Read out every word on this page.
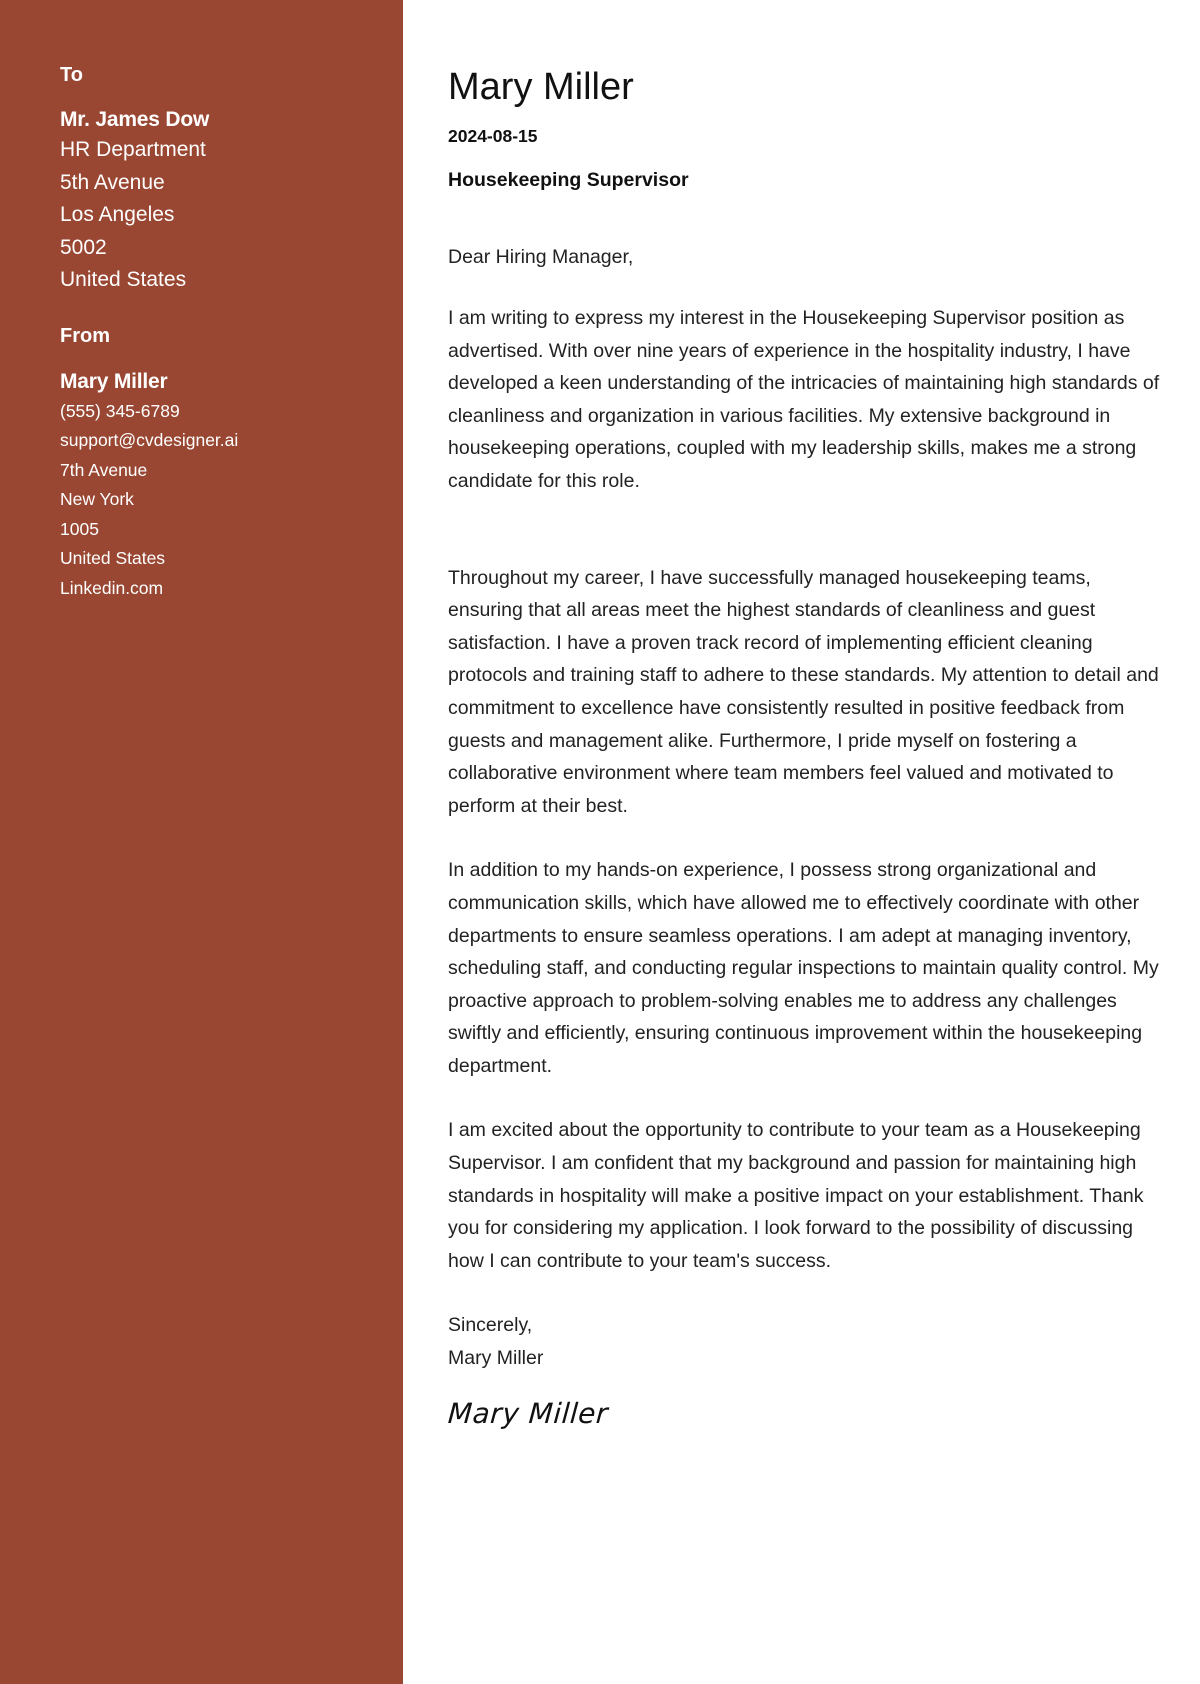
To
Mr. James Dow
HR Department
5th Avenue
Los Angeles
5002
United States
From
Mary Miller
(555) 345-6789
support@cvdesigner.ai
7th Avenue
New York
1005
United States
Linkedin.com
Mary Miller
2024-08-15
Housekeeping Supervisor
Dear Hiring Manager,

I am writing to express my interest in the Housekeeping Supervisor position as advertised. With over nine years of experience in the hospitality industry, I have developed a keen understanding of the intricacies of maintaining high standards of cleanliness and organization in various facilities. My extensive background in housekeeping operations, coupled with my leadership skills, makes me a strong candidate for this role.

Throughout my career, I have successfully managed housekeeping teams, ensuring that all areas meet the highest standards of cleanliness and guest satisfaction. I have a proven track record of implementing efficient cleaning protocols and training staff to adhere to these standards. My attention to detail and commitment to excellence have consistently resulted in positive feedback from guests and management alike. Furthermore, I pride myself on fostering a collaborative environment where team members feel valued and motivated to perform at their best.

In addition to my hands-on experience, I possess strong organizational and communication skills, which have allowed me to effectively coordinate with other departments to ensure seamless operations. I am adept at managing inventory, scheduling staff, and conducting regular inspections to maintain quality control. My proactive approach to problem-solving enables me to address any challenges swiftly and efficiently, ensuring continuous improvement within the housekeeping department.

I am excited about the opportunity to contribute to your team as a Housekeeping Supervisor. I am confident that my background and passion for maintaining high standards in hospitality will make a positive impact on your establishment. Thank you for considering my application. I look forward to the possibility of discussing how I can contribute to your team's success.

Sincerely,
Mary Miller
Mary Miller
